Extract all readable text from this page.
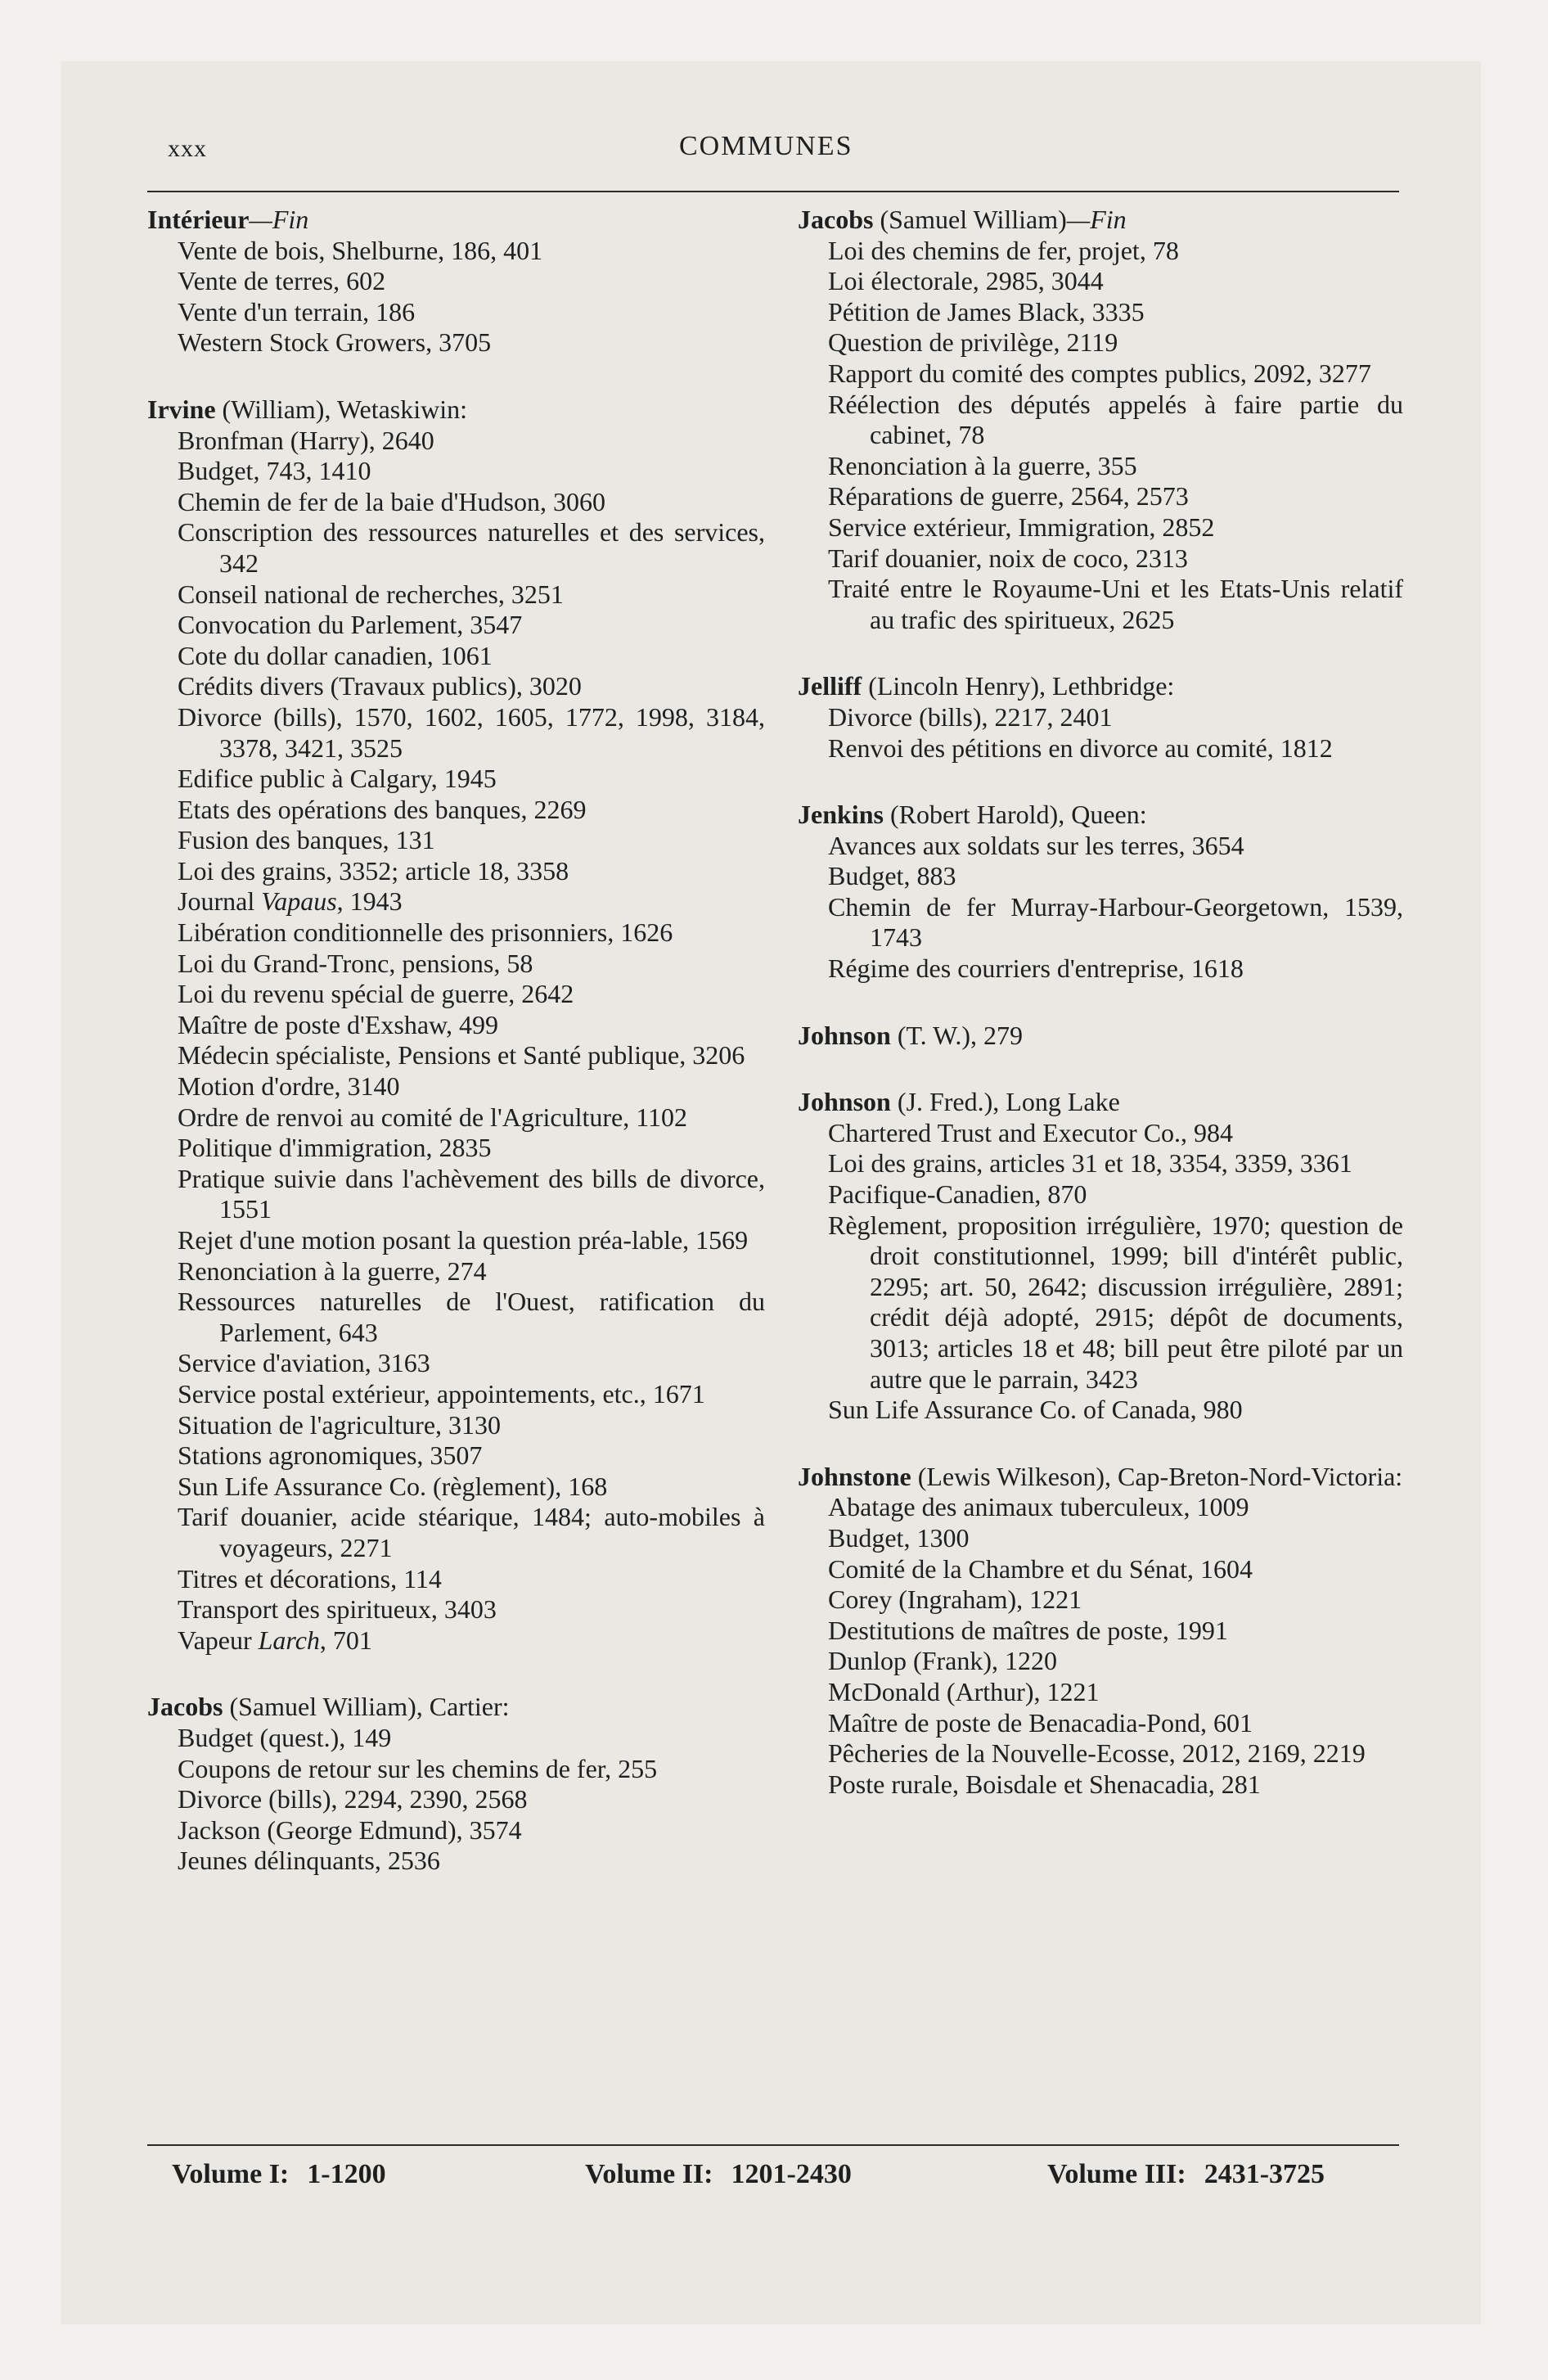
xxx	COMMUNES

Intérieur—Fin

Vente de bois, Shelburne, 186, 401

Vente de terres, 602

Vente d'un terrain, 186

Western Stock Growers, 3705

Irvine (William), Wetaskiwin:

Bronfman (Harry), 2640

Budget, 743, 1410

Chemin de fer de la baie d'Hudson, 3060

Conscription des ressources naturelles et des services, 342

Conseil national de recherches, 3251

Convocation du Parlement, 3547

Cote du dollar canadien, 1061

Crédits divers (Travaux publics), 3020

Divorce (bills), 1570, 1602, 1605, 1772, 1998, 3184, 3378, 3421, 3525

Edifice public à Calgary, 1945

Etats des opérations des banques, 2269

Fusion des banques, 131

Loi des grains, 3352; article 18, 3358

Journal Vapaus, 1943

Libération conditionnelle des prisonniers, 1626

Loi du Grand-Tronc, pensions, 58

Loi du revenu spécial de guerre, 2642

Maître de poste d'Exshaw, 499

Médecin spécialiste, Pensions et Santé publique, 3206

Motion d'ordre, 3140

Ordre de renvoi au comité de l'Agriculture, 1102

Politique d'immigration, 2835

Pratique suivie dans l'achèvement des bills de divorce, 1551

Rejet d'une motion posant la question préa-lable, 1569

Renonciation à la guerre, 274

Ressources naturelles de l'Ouest, ratification du Parlement, 643

Service d'aviation, 3163

Service postal extérieur, appointements, etc., 1671

Situation de l'agriculture, 3130

Stations agronomiques, 3507

Sun Life Assurance Co. (règlement), 168

Tarif douanier, acide stéarique, 1484; auto-mobiles à voyageurs, 2271

Titres et décorations, 114

Transport des spiritueux, 3403

Vapeur Larch, 701

Jacobs (Samuel William), Cartier:

Budget (quest.), 149

Coupons de retour sur les chemins de fer, 255

Divorce (bills), 2294, 2390, 2568

Jackson (George Edmund), 3574

Jeunes délinquants, 2536

Jacobs (Samuel William)—Fin

Loi des chemins de fer, projet, 78

Loi électorale, 2985, 3044

Pétition de James Black, 3335

Question de privilège, 2119

Rapport du comité des comptes publics, 2092, 3277

Réélection des députés appelés à faire partie du cabinet, 78

Renonciation à la guerre, 355

Réparations de guerre, 2564, 2573

Service extérieur, Immigration, 2852

Tarif douanier, noix de coco, 2313

Traité entre le Royaume-Uni et les Etats-Unis relatif au trafic des spiritueux, 2625

Jelliff (Lincoln Henry), Lethbridge:

Divorce (bills), 2217, 2401

Renvoi des pétitions en divorce au comité, 1812

Jenkins (Robert Harold), Queen:

Avances aux soldats sur les terres, 3654

Budget, 883

Chemin de fer Murray-Harbour-Georgetown, 1539, 1743

Régime des courriers d'entreprise, 1618

Johnson (T. W.), 279

Johnson (J. Fred.), Long Lake

Chartered Trust and Executor Co., 984

Loi des grains, articles 31 et 18, 3354, 3359, 3361

Pacifique-Canadien, 870

Règlement, proposition irrégulière, 1970; question de droit constitutionnel, 1999; bill d'intérêt public, 2295; art. 50, 2642; discussion irrégulière, 2891; crédit déjà adopté, 2915; dépôt de documents, 3013; articles 18 et 48; bill peut être piloté par un autre que le parrain, 3423

Sun Life Assurance Co. of Canada, 980

Johnstone (Lewis Wilkeson), Cap-Breton-Nord-Victoria:

Abatage des animaux tuberculeux, 1009

Budget, 1300

Comité de la Chambre et du Sénat, 1604

Corey (Ingraham), 1221

Destitutions de maîtres de poste, 1991

Dunlop (Frank), 1220

McDonald (Arthur), 1221

Maître de poste de Benacadia-Pond, 601

Pêcheries de la Nouvelle-Ecosse, 2012, 2169, 2219

Poste rurale, Boisdale et Shenacadia, 281

Volume I: 1-1200	Volume II: 1201-2430	Volume III: 2431-3725
